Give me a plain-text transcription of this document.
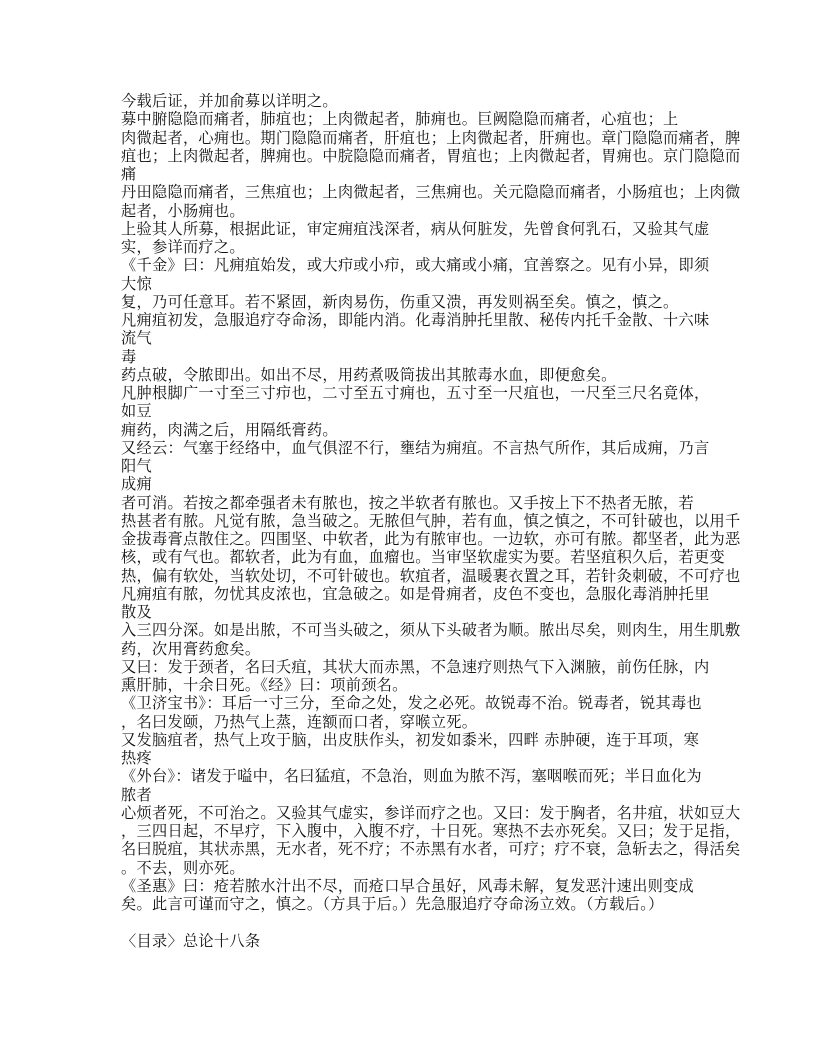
今载后证，并加俞募以详明之。
募中腑隐隐而痛者，肺疽也；上肉微起者，肺痈也。巨阙隐隐而痛者，心疽也；上
肉微起者，心痈也。期门隐隐而痛者，肝疽也；上肉微起者，肝痈也。章门隐隐而痛者，脾
疽也；上肉微起者，脾痈也。中脘隐隐而痛者，胃疽也；上肉微起者，胃痈也。京门隐隐而
痛
丹田隐隐而痛者，三焦疽也；上肉微起者，三焦痈也。关元隐隐而痛者，小肠疽也；上肉微
起者，小肠痈也。
上验其人所募，根据此证，审定痈疽浅深者，病从何脏发，先曾食何乳石，又验其气虚
实，参详而疗之。
《千金》曰：凡痈疽始发，或大疖或小疖，或大痛或小痛，宜善察之。见有小异，即须
大惊
复，乃可任意耳。若不紧固，新肉易伤，伤重又溃，再发则祸至矣。慎之，慎之。
凡痈疽初发，急服追疗夺命汤，即能内消。化毒消肿托里散、秘传内托千金散、十六味
流气
毒
药点破，令脓即出。如出不尽，用药煮吸筒拔出其脓毒水血，即便愈矣。
凡肿根脚广一寸至三寸疖也，二寸至五寸痈也，五寸至一尺疽也，一尺至三尺名竟体，
如豆
痈药，肉满之后，用隔纸膏药。
又经云：气塞于经络中，血气俱涩不行，壅结为痈疽。不言热气所作，其后成痈，乃言
阳气
成痈
者可消。若按之都牵强者未有脓也，按之半软者有脓也。又手按上下不热者无脓，若
热甚者有脓。凡觉有脓，急当破之。无脓但气肿，若有血，慎之慎之，不可针破也，以用千
金拔毒膏点散住之。四围坚、中软者，此为有脓审也。一边软，亦可有脓。都坚者，此为恶
核，或有气也。都软者，此为有血，血瘤也。当审坚软虚实为要。若坚疽积久后，若更变
热，偏有软处，当软处切，不可针破也。软疽者，温暖裹衣置之耳，若针灸刺破，不可疗也
凡痈疽有脓，勿忧其皮浓也，宜急破之。如是骨痈者，皮色不变也，急服化毒消肿托里
散及
入三四分深。如是出脓，不可当头破之，须从下头破者为顺。脓出尽矣，则肉生，用生肌敷
药，次用膏药愈矣。
又曰：发于颈者，名曰夭疽，其状大而赤黑，不急速疗则热气下入渊腋，前伤任脉，内
熏肝肺，十余日死。《经》曰：项前颈名。
《卫济宝书》：耳后一寸三分，至命之处，发之必死。故锐毒不治。锐毒者，锐其毒也
，名曰发颐，乃热气上蒸，连额而口者，穿喉立死。
又发脑疽者，热气上攻于脑，出皮肤作头，初发如黍米，四畔 赤肿硬，连于耳项，寒
热疼
《外台》：诸发于嗌中，名曰猛疽，不急治，则血为脓不泻，塞咽喉而死；半日血化为
脓者
心烦者死，不可治之。又验其气虚实，参详而疗之也。又曰：发于胸者，名井疽，状如豆大
，三四日起，不早疗，下入腹中，入腹不疗，十日死。寒热不去亦死矣。又曰；发于足指，
名曰脱疽，其状赤黑，无水者，死不疗；不赤黑有水者，可疗；疗不衰，急斩去之，得活矣
。不去，则亦死。
《圣惠》曰：疮若脓水汁出不尽，而疮口早合虽好，风毒未解，复发恶汁速出则变成
矣。此言可谨而守之，慎之。（方具于后。）先急服追疗夺命汤立效。（方载后。）
〈目录〉总论十八条
